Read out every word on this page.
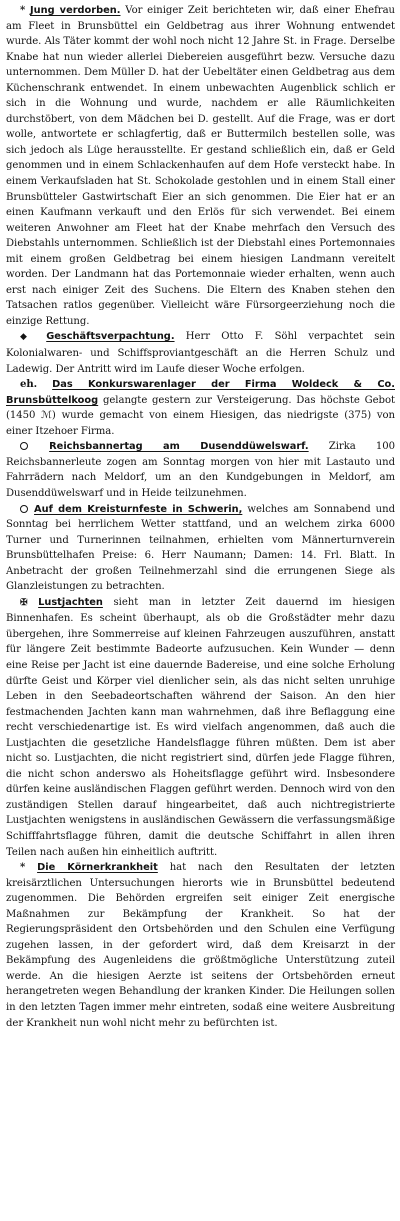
* Jung verdorben. Vor einiger Zeit berichteten wir, daß einer Ehefrau am Fleet in Brunsbüttel ein Geldbetrag aus ihrer Wohnung entwendet wurde. Als Täter kommt der wohl noch nicht 12 Jahre St. in Frage. Derselbe Knabe hat nun wieder allerlei Diebereien ausgeführt bezw. Versuche dazu unternommen. Dem Müller D. hat der Uebeltäter einen Geldbetrag aus dem Küchenschrank entwendet. In einem unbewachten Augenblick schlich er sich in die Wohnung und wurde, nachdem er alle Räumlichkeiten durchstöbert, von dem Mädchen bei D. gestellt. Auf die Frage, was er dort wolle, antwortete er schlagfertig, daß er Buttermilch bestellen solle, was sich jedoch als Lüge herausstellte. Er gestand schließlich ein, daß er Geld genommen und in einem Schlackenhaufen auf dem Hofe versteckt habe. In einem Verkaufsladen hat St. Schokolade gestohlen und in einem Stall einer Brunsbütteler Gastwirtschaft Eier an sich genommen. Die Eier hat er an einen Kaufmann verkauft und den Erlös für sich verwendet. Bei einem weiteren Anwohner am Fleet hat der Knabe mehrfach den Versuch des Diebstahls unternommen. Schließlich ist der Diebstahl eines Portemonnaies mit einem großen Geldbetrag bei einem hiesigen Landmann vereitelt worden. Der Landmann hat das Portemonnaie wieder erhalten, wenn auch erst nach einiger Zeit des Suchens. Die Eltern des Knaben stehen den Tatsachen ratlos gegenüber. Vielleicht wäre Fürsorgeerziehung noch die einzige Rettung.

◆ Geschäftsverpachtung. Herr Otto F. Söhl verpachtet sein Kolonialwaren- und Schiffsproviantgeschäft an die Herren Schulz und Ladewig. Der Antritt wird im Laufe dieser Woche erfolgen.

eh. Das Konkurswarenlager der Firma Woldeck & Co. Brunsbüttelkoog gelangte gestern zur Versteigerung. Das höchste Gebot (1450 ℳ) wurde gemacht von einem Hiesigen, das niedrigste (375) von einer Itzehoer Firma.

Reichsbannertag am Dusenddüwelswarf. Zirka 100 Reichsbannerleute zogen am Sonntag morgen von hier mit Lastauto und Fahrrädern nach Meldorf, um an den Kundgebungen in Meldorf, am Dusenddüwelswarf und in Heide teilzunehmen.

Auf dem Kreisturnfeste in Schwerin, welches am Sonnabend und Sonntag bei herrlichem Wetter stattfand, und an welchem zirka 6000 Turner und Turnerinnen teilnahmen, erhielten vom Männerturnverein Brunsbüttelhafen Preise: 6. Herr Naumann; Damen: 14. Frl. Blatt. In Anbetracht der großen Teilnehmerzahl sind die errungenen Siege als Glanzleistungen zu betrachten.

✠ Lustjachten sieht man in letzter Zeit dauernd im hiesigen Binnenhafen. Es scheint überhaupt, als ob die Großstädter mehr dazu übergehen, ihre Sommerreise auf kleinen Fahrzeugen auszuführen, anstatt für längere Zeit bestimmte Badeorte aufzusuchen. Kein Wunder — denn eine Reise per Jacht ist eine dauernde Badereise, und eine solche Erholung dürfte Geist und Körper viel dienlicher sein, als das nicht selten unruhige Leben in den Seebadeortschaften während der Saison. An den hier festmachenden Jachten kann man wahrnehmen, daß ihre Beflaggung eine recht verschiedenartige ist. Es wird vielfach angenommen, daß auch die Lustjachten die gesetzliche Handelsflagge führen müßten. Dem ist aber nicht so. Lustjachten, die nicht registriert sind, dürfen jede Flagge führen, die nicht schon anderswo als Hoheitsflagge geführt wird. Insbesondere dürfen keine ausländischen Flaggen geführt werden. Dennoch wird von den zuständigen Stellen darauf hingearbeitet, daß auch nichtregistrierte Lustjachten wenigstens in ausländischen Gewässern die verfassungsmäßige Schifffahrtsflagge führen, damit die deutsche Schiffahrt in allen ihren Teilen nach außen hin einheitlich auftritt.

* Die Körnerkrankheit hat nach den Resultaten der letzten kreisärztlichen Untersuchungen hierorts wie in Brunsbüttel bedeutend zugenommen. Die Behörden ergreifen seit einiger Zeit energische Maßnahmen zur Bekämpfung der Krankheit. So hat der Regierungspräsident den Ortsbehörden und den Schulen eine Verfügung zugehen lassen, in der gefordert wird, daß dem Kreisarzt in der Bekämpfung des Augenleidens die größtmögliche Unterstützung zuteil werde. An die hiesigen Aerzte ist seitens der Ortsbehörden erneut herangetreten wegen Behandlung der kranken Kinder. Die Heilungen sollen in den letzten Tagen immer mehr eintreten, sodaß eine weitere Ausbreitung der Krankheit nun wohl nicht mehr zu befürchten ist.
